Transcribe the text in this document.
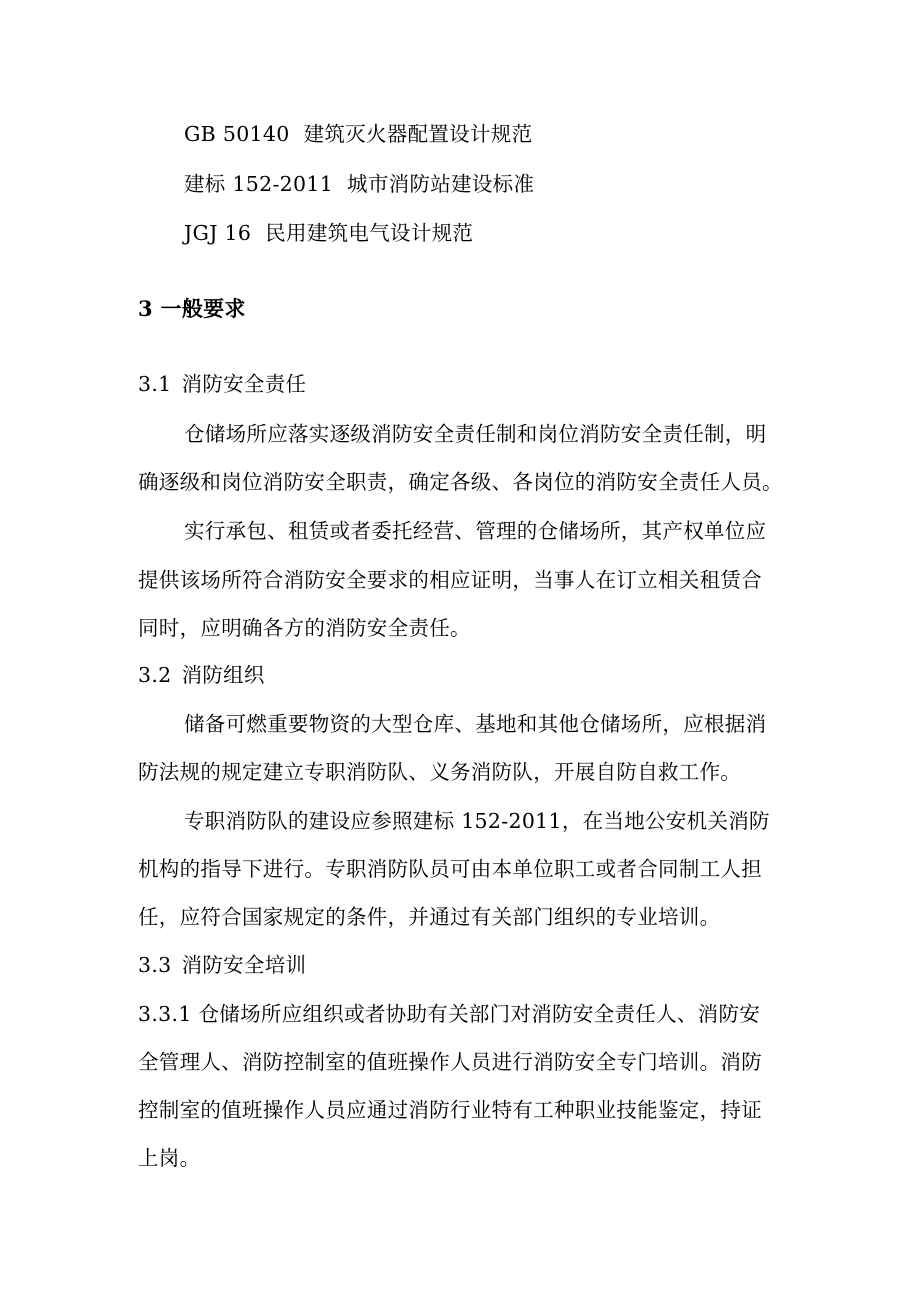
GB 50140 建筑灭火器配置设计规范
建标 152-2011 城市消防站建设标准
JGJ 16 民用建筑电气设计规范
3 一般要求
3.1 消防安全责任
仓储场所应落实逐级消防安全责任制和岗位消防安全责任制，明
确逐级和岗位消防安全职责，确定各级、各岗位的消防安全责任人员。
实行承包、租赁或者委托经营、管理的仓储场所，其产权单位应
提供该场所符合消防安全要求的相应证明，当事人在订立相关租赁合
同时，应明确各方的消防安全责任。
3.2 消防组织
储备可燃重要物资的大型仓库、基地和其他仓储场所，应根据消
防法规的规定建立专职消防队、义务消防队，开展自防自救工作。
专职消防队的建设应参照建标 152-2011，在当地公安机关消防
机构的指导下进行。专职消防队员可由本单位职工或者合同制工人担
任，应符合国家规定的条件，并通过有关部门组织的专业培训。
3.3 消防安全培训
3.3.1 仓储场所应组织或者协助有关部门对消防安全责任人、消防安
全管理人、消防控制室的值班操作人员进行消防安全专门培训。消防
控制室的值班操作人员应通过消防行业特有工种职业技能鉴定，持证
上岗。
